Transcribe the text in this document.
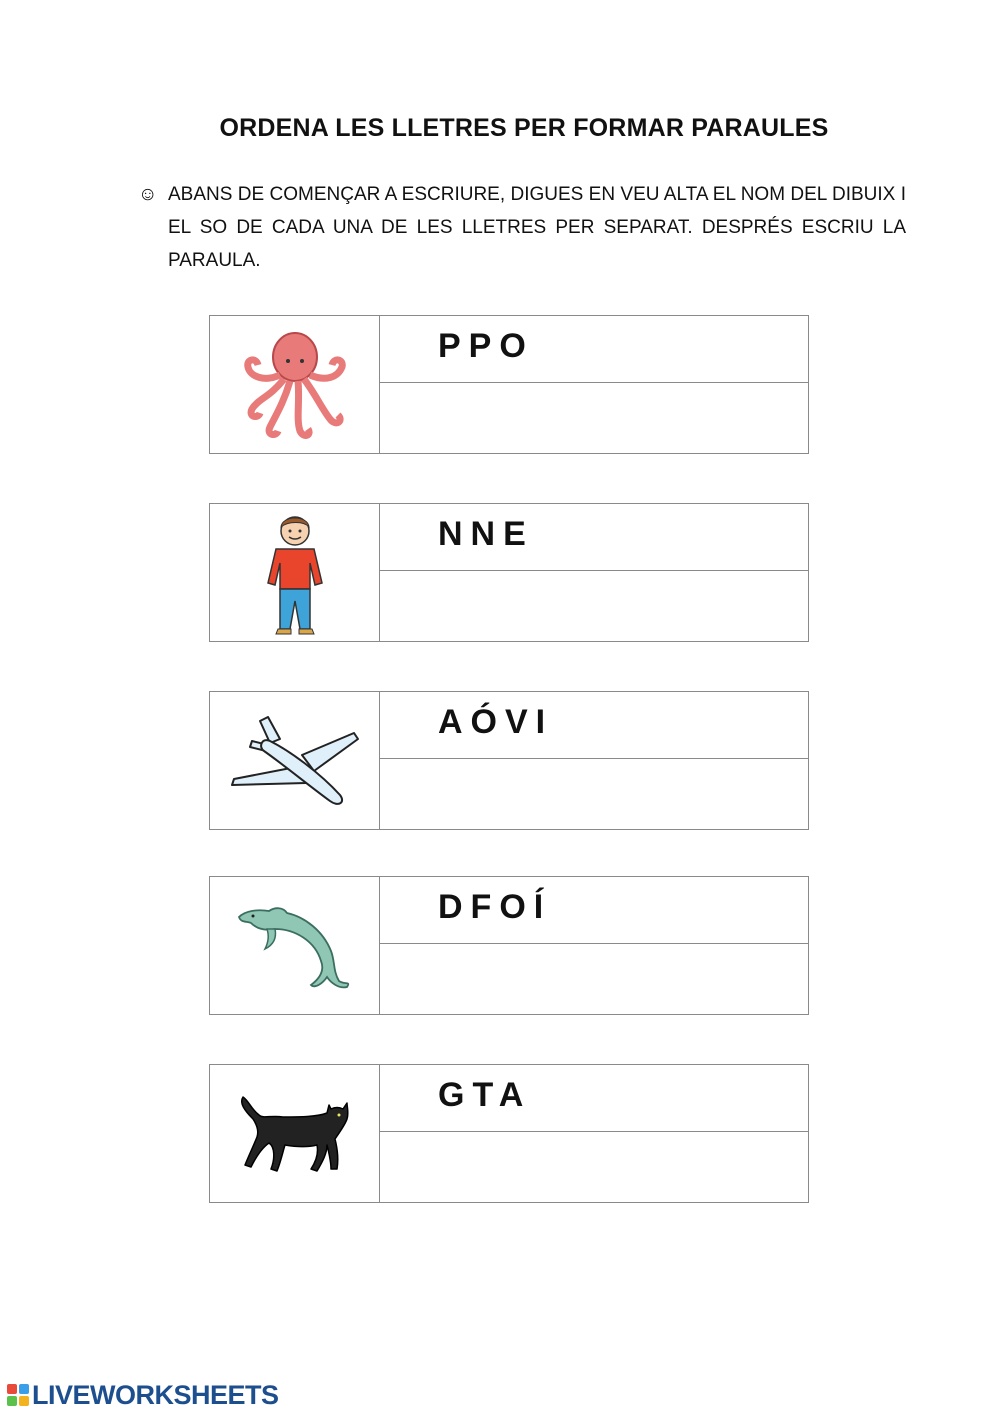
ORDENA LES LLETRES PER FORMAR PARAULES
☺ ABANS DE COMENÇAR A ESCRIURE, DIGUES EN VEU ALTA EL NOM DEL DIBUIX I EL SO DE CADA UNA DE LES LLETRES PER SEPARAT. DESPRÉS ESCRIU LA PARAULA.

PPO
NNE
AÓVI
DFOÍ
GTA
LIVEWORKSHEETS
